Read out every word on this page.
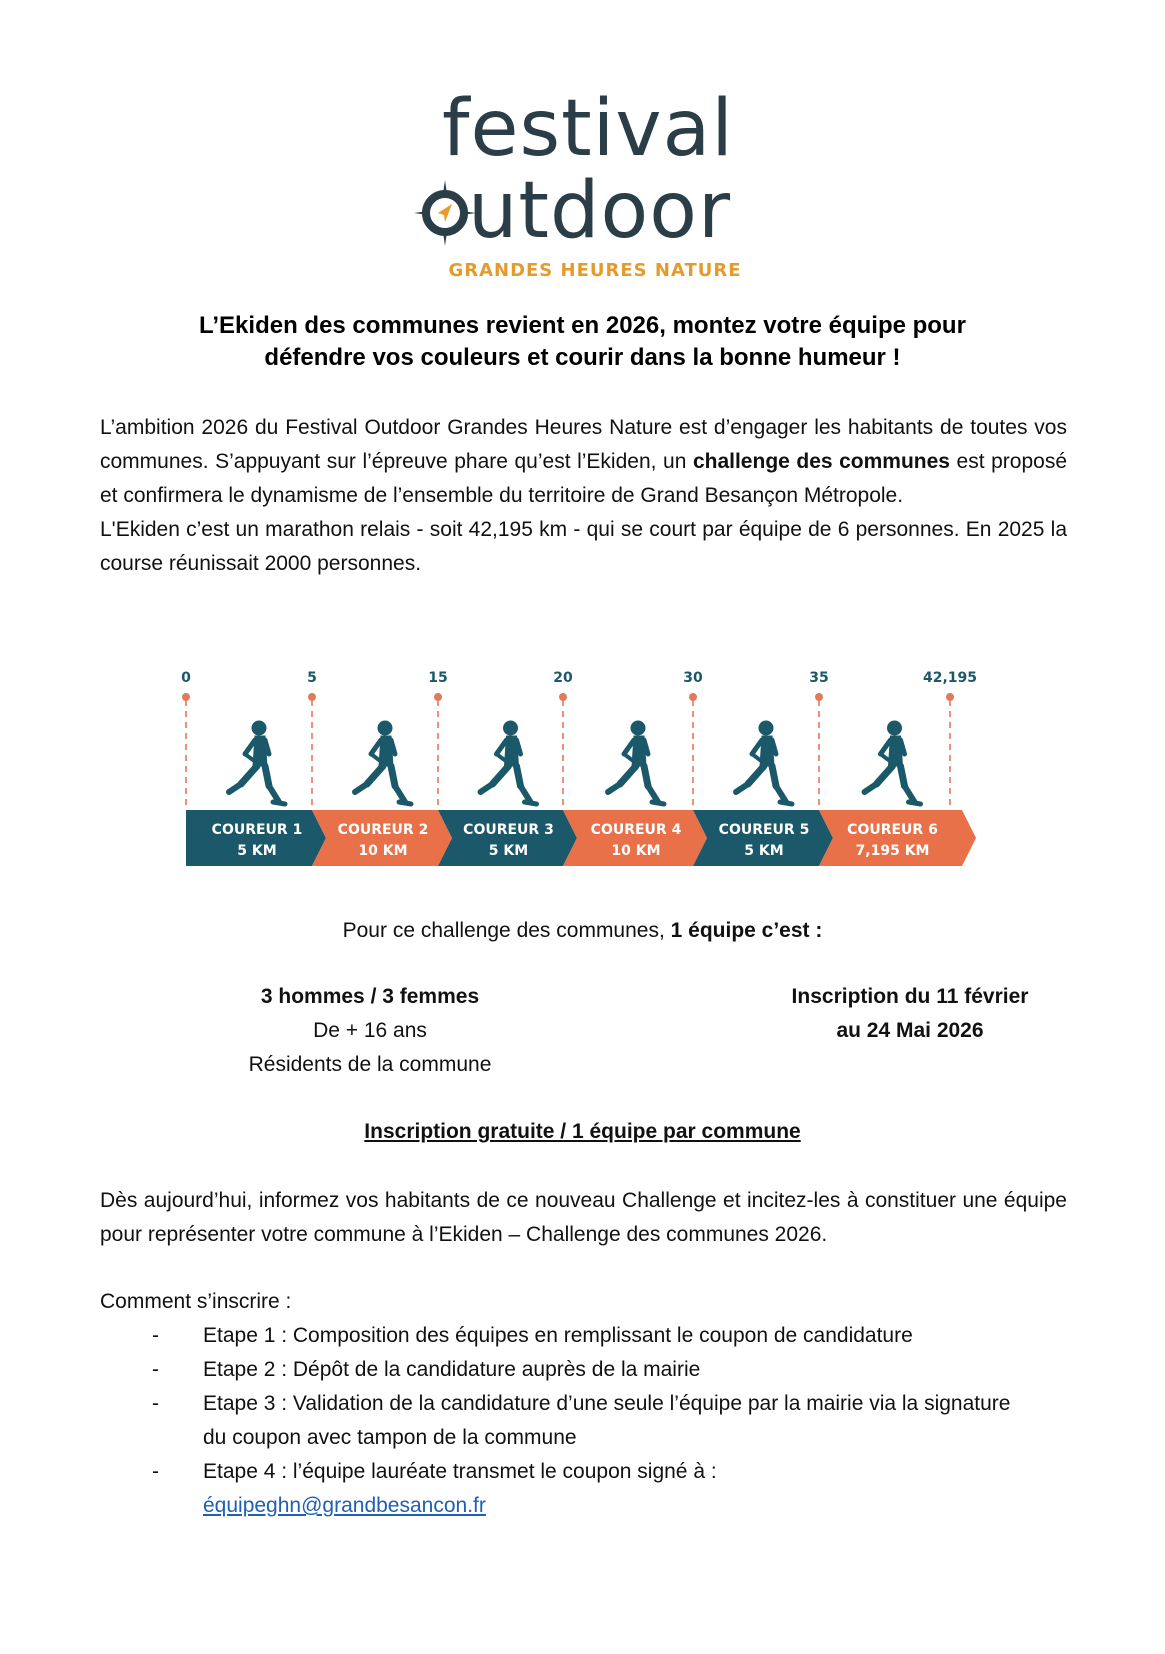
festival
utdoor
GRANDES HEURES NATURE
L’Ekiden des communes revient en 2026, montez votre équipe pour
défendre vos couleurs et courir dans la bonne humeur !
L’ambition 2026 du Festival Outdoor Grandes Heures Nature est d’engager les habitants de toutes vos communes. S’appuyant sur l’épreuve phare qu’est l’Ekiden, un challenge des communes est proposé et confirmera le dynamisme de l’ensemble du territoire de Grand Besançon Métropole.
L'Ekiden c’est un marathon relais - soit 42,195 km - qui se court par équipe de 6 personnes. En 2025 la course réunissait 2000 personnes.
0	5	15	20	30	35	42,195
COUREUR 1
5 KM
COUREUR 2
10 KM
COUREUR 3
5 KM
COUREUR 4
10 KM
COUREUR 5
5 KM
COUREUR 6
7,195 KM
Pour ce challenge des communes, 1 équipe c’est :
3 hommes / 3 femmes
De + 16 ans
Résidents de la commune
Inscription du 11 février
au 24 Mai 2026
Inscription gratuite / 1 équipe par commune
Dès aujourd’hui, informez vos habitants de ce nouveau Challenge et incitez-les à constituer une équipe pour représenter votre commune à l’Ekiden – Challenge des communes 2026.
Comment s’inscrire :
- Etape 1 : Composition des équipes en remplissant le coupon de candidature
- Etape 2 : Dépôt de la candidature auprès de la mairie
- Etape 3 : Validation de la candidature d’une seule l’équipe par la mairie via la signature du coupon avec tampon de la commune
- Etape 4 : l’équipe lauréate transmet le coupon signé à :
équipeghn@grandbesancon.fr
